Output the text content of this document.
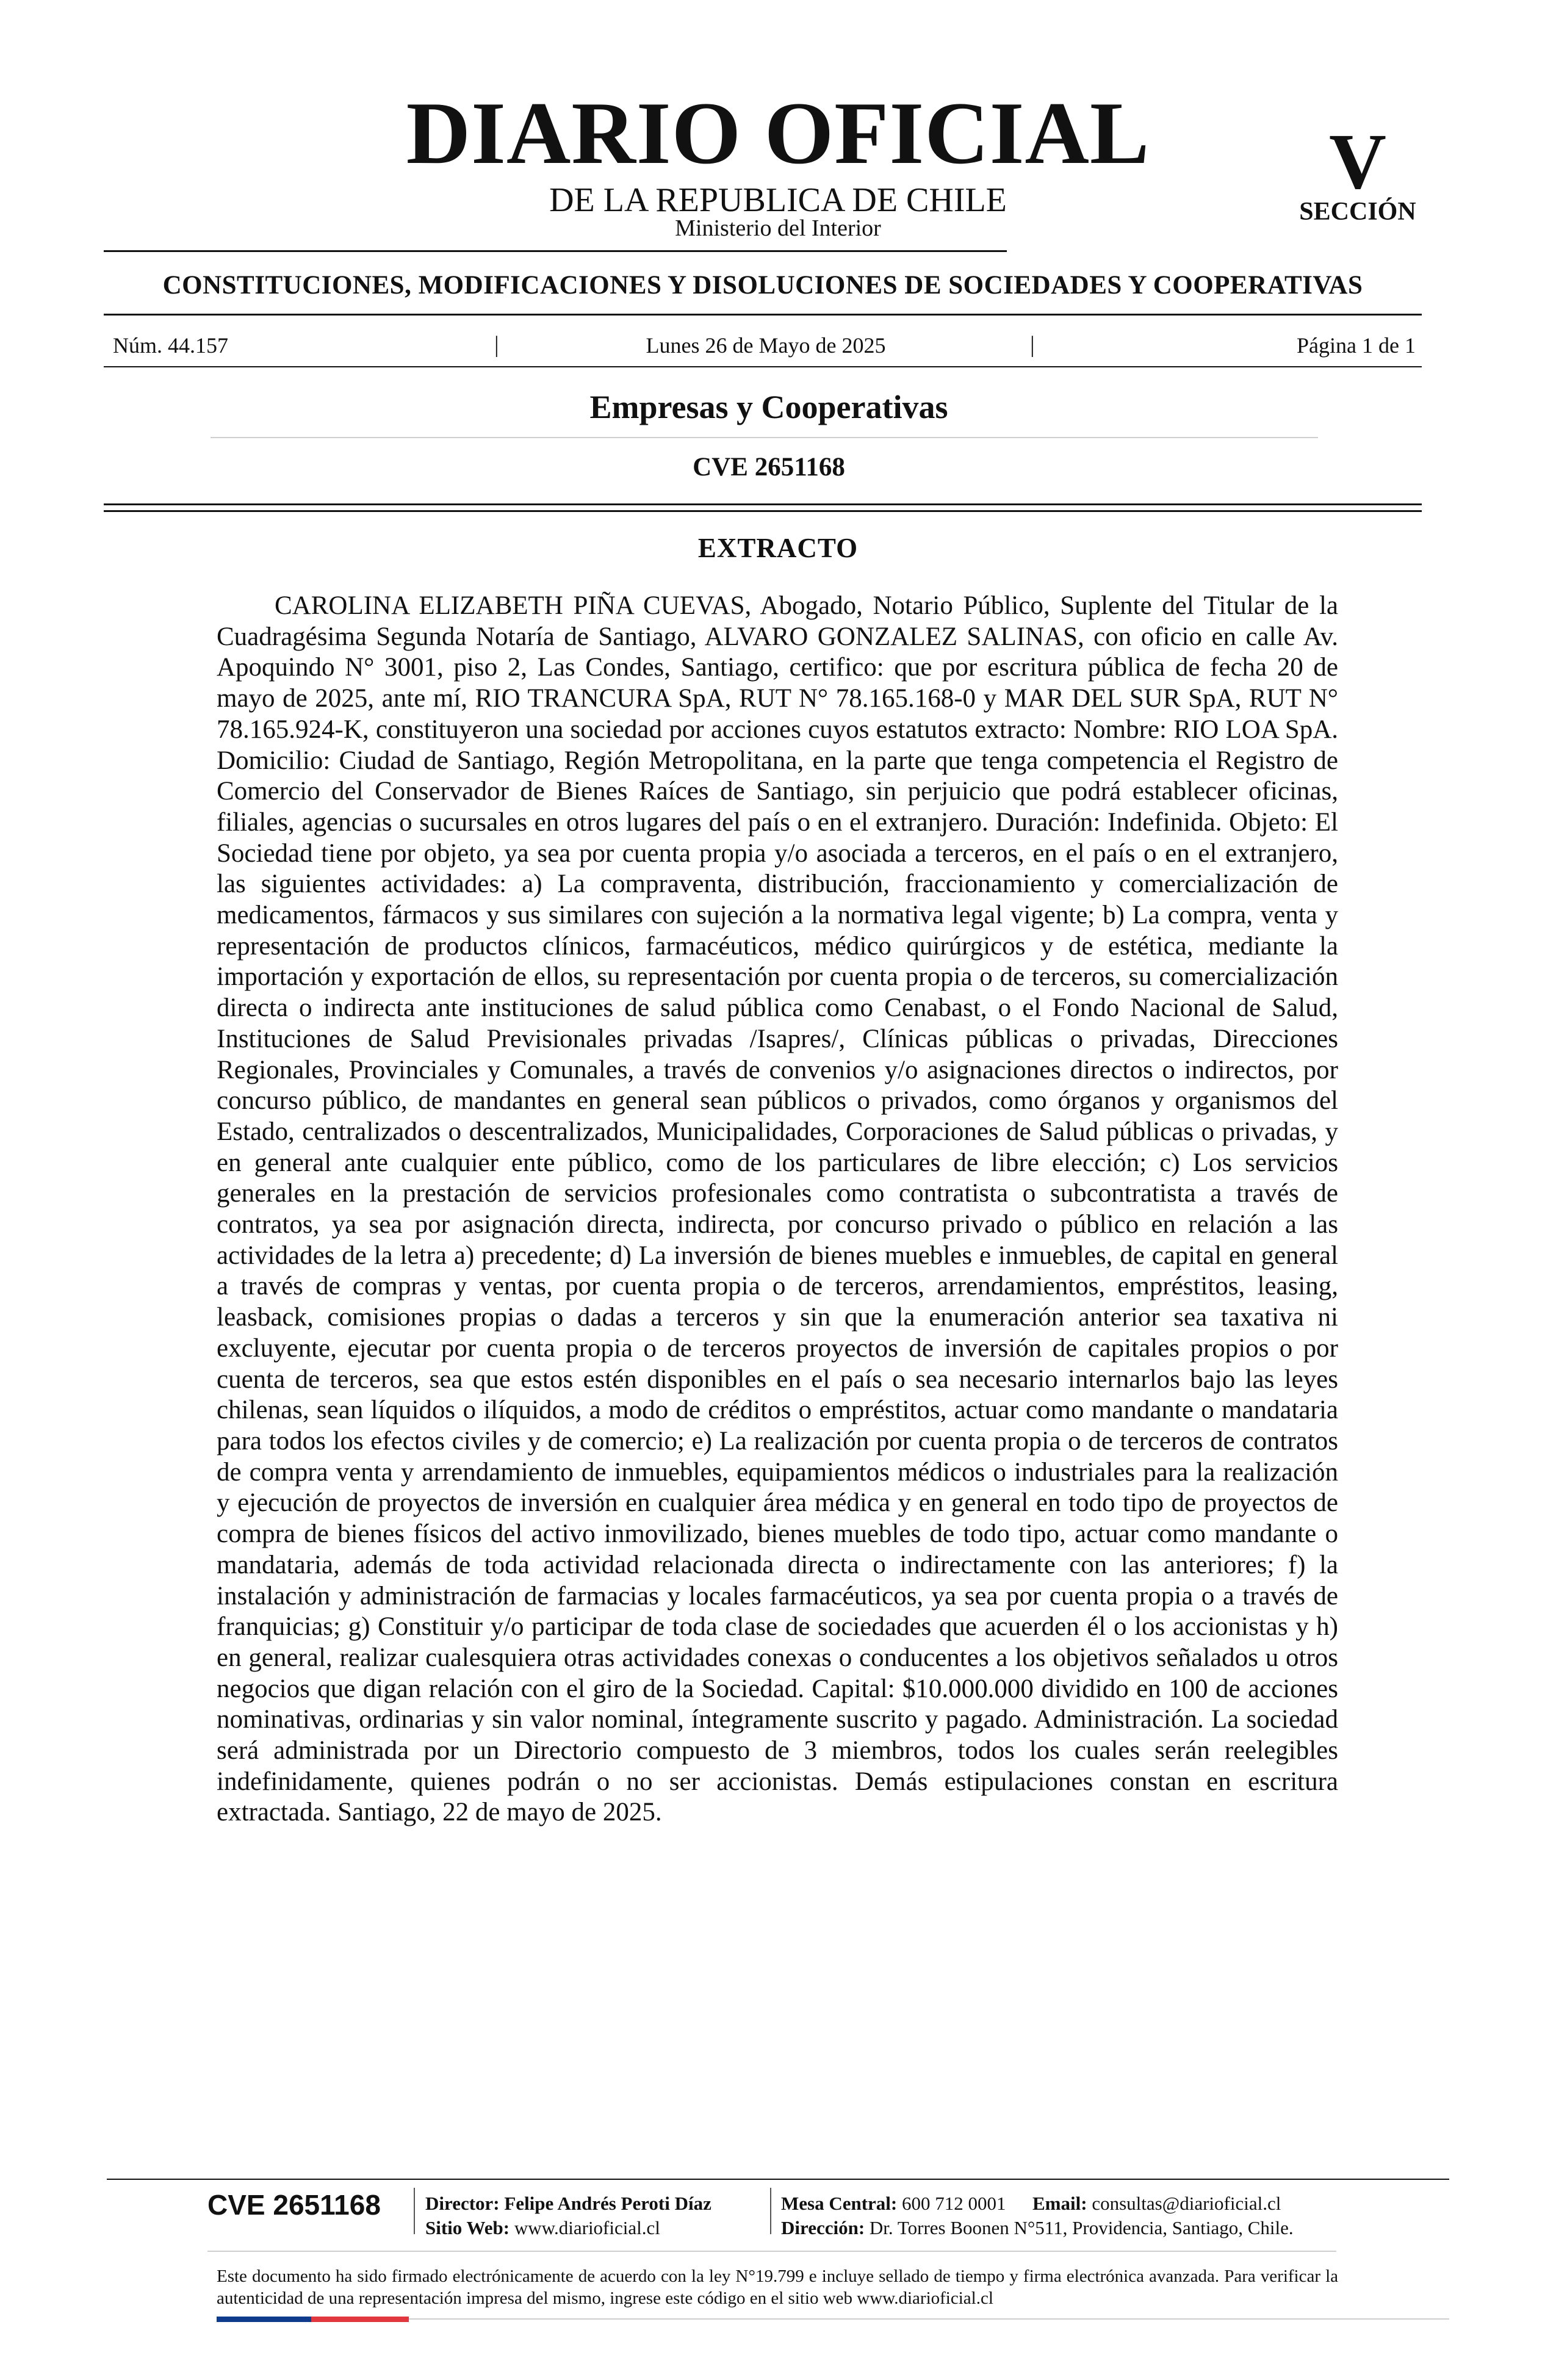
DIARIO OFICIAL
DE LA REPUBLICA DE CHILE
Ministerio del Interior
V
SECCIÓN
CONSTITUCIONES, MODIFICACIONES Y DISOLUCIONES DE SOCIEDADES Y COOPERATIVAS
Núm. 44.157	|	Lunes 26 de Mayo de 2025	|	Página 1 de 1
Empresas y Cooperativas
CVE 2651168
EXTRACTO

CAROLINA ELIZABETH PIÑA CUEVAS, Abogado, Notario Público, Suplente del Titular de la Cuadragésima Segunda Notaría de Santiago, ALVARO GONZALEZ SALINAS, con oficio en calle Av. Apoquindo N° 3001, piso 2, Las Condes, Santiago, certifico: que por escritura pública de fecha 20 de mayo de 2025, ante mí, RIO TRANCURA SpA, RUT N° 78.165.168-0 y MAR DEL SUR SpA, RUT N° 78.165.924-K, constituyeron una sociedad por acciones cuyos estatutos extracto: Nombre: RIO LOA SpA. Domicilio: Ciudad de Santiago, Región Metropolitana, en la parte que tenga competencia el Registro de Comercio del Conservador de Bienes Raíces de Santiago, sin perjuicio que podrá establecer oficinas, filiales, agencias o sucursales en otros lugares del país o en el extranjero. Duración: Indefinida. Objeto: El Sociedad tiene por objeto, ya sea por cuenta propia y/o asociada a terceros, en el país o en el extranjero, las siguientes actividades: a) La compraventa, distribución, fraccionamiento y comercialización de medicamentos, fármacos y sus similares con sujeción a la normativa legal vigente; b) La compra, venta y representación de productos clínicos, farmacéuticos, médico quirúrgicos y de estética, mediante la importación y exportación de ellos, su representación por cuenta propia o de terceros, su comercialización directa o indirecta ante instituciones de salud pública como Cenabast, o el Fondo Nacional de Salud, Instituciones de Salud Previsionales privadas /Isapres/, Clínicas públicas o privadas, Direcciones Regionales, Provinciales y Comunales, a través de convenios y/o asignaciones directos o indirectos, por concurso público, de mandantes en general sean públicos o privados, como órganos y organismos del Estado, centralizados o descentralizados, Municipalidades, Corporaciones de Salud públicas o privadas, y en general ante cualquier ente público, como de los particulares de libre elección; c) Los servicios generales en la prestación de servicios profesionales como contratista o subcontratista a través de contratos, ya sea por asignación directa, indirecta, por concurso privado o público en relación a las actividades de la letra a) precedente; d) La inversión de bienes muebles e inmuebles, de capital en general a través de compras y ventas, por cuenta propia o de terceros, arrendamientos, empréstitos, leasing, leasback, comisiones propias o dadas a terceros y sin que la enumeración anterior sea taxativa ni excluyente, ejecutar por cuenta propia o de terceros proyectos de inversión de capitales propios o por cuenta de terceros, sea que estos estén disponibles en el país o sea necesario internarlos bajo las leyes chilenas, sean líquidos o ilíquidos, a modo de créditos o empréstitos, actuar como mandante o mandataria para todos los efectos civiles y de comercio; e) La realización por cuenta propia o de terceros de contratos de compra venta y arrendamiento de inmuebles, equipamientos médicos o industriales para la realización y ejecución de proyectos de inversión en cualquier área médica y en general en todo tipo de proyectos de compra de bienes físicos del activo inmovilizado, bienes muebles de todo tipo, actuar como mandante o mandataria, además de toda actividad relacionada directa o indirectamente con las anteriores; f) la instalación y administración de farmacias y locales farmacéuticos, ya sea por cuenta propia o a través de franquicias; g) Constituir y/o participar de toda clase de sociedades que acuerden él o los accionistas y h) en general, realizar cualesquiera otras actividades conexas o conducentes a los objetivos señalados u otros negocios que digan relación con el giro de la Sociedad. Capital: $10.000.000 dividido en 100 de acciones nominativas, ordinarias y sin valor nominal, íntegramente suscrito y pagado. Administración. La sociedad será administrada por un Directorio compuesto de 3 miembros, todos los cuales serán reelegibles indefinidamente, quienes podrán o no ser accionistas. Demás estipulaciones constan en escritura extractada. Santiago, 22 de mayo de 2025.

CVE 2651168	Director: Felipe Andrés Peroti Díaz
Sitio Web: www.diarioficial.cl
Mesa Central: 600 712 0001 Email: consultas@diarioficial.cl
Dirección: Dr. Torres Boonen N°511, Providencia, Santiago, Chile.

Este documento ha sido firmado electrónicamente de acuerdo con la ley N°19.799 e incluye sellado de tiempo y firma electrónica avanzada. Para verificar la autenticidad de una representación impresa del mismo, ingrese este código en el sitio web www.diarioficial.cl
